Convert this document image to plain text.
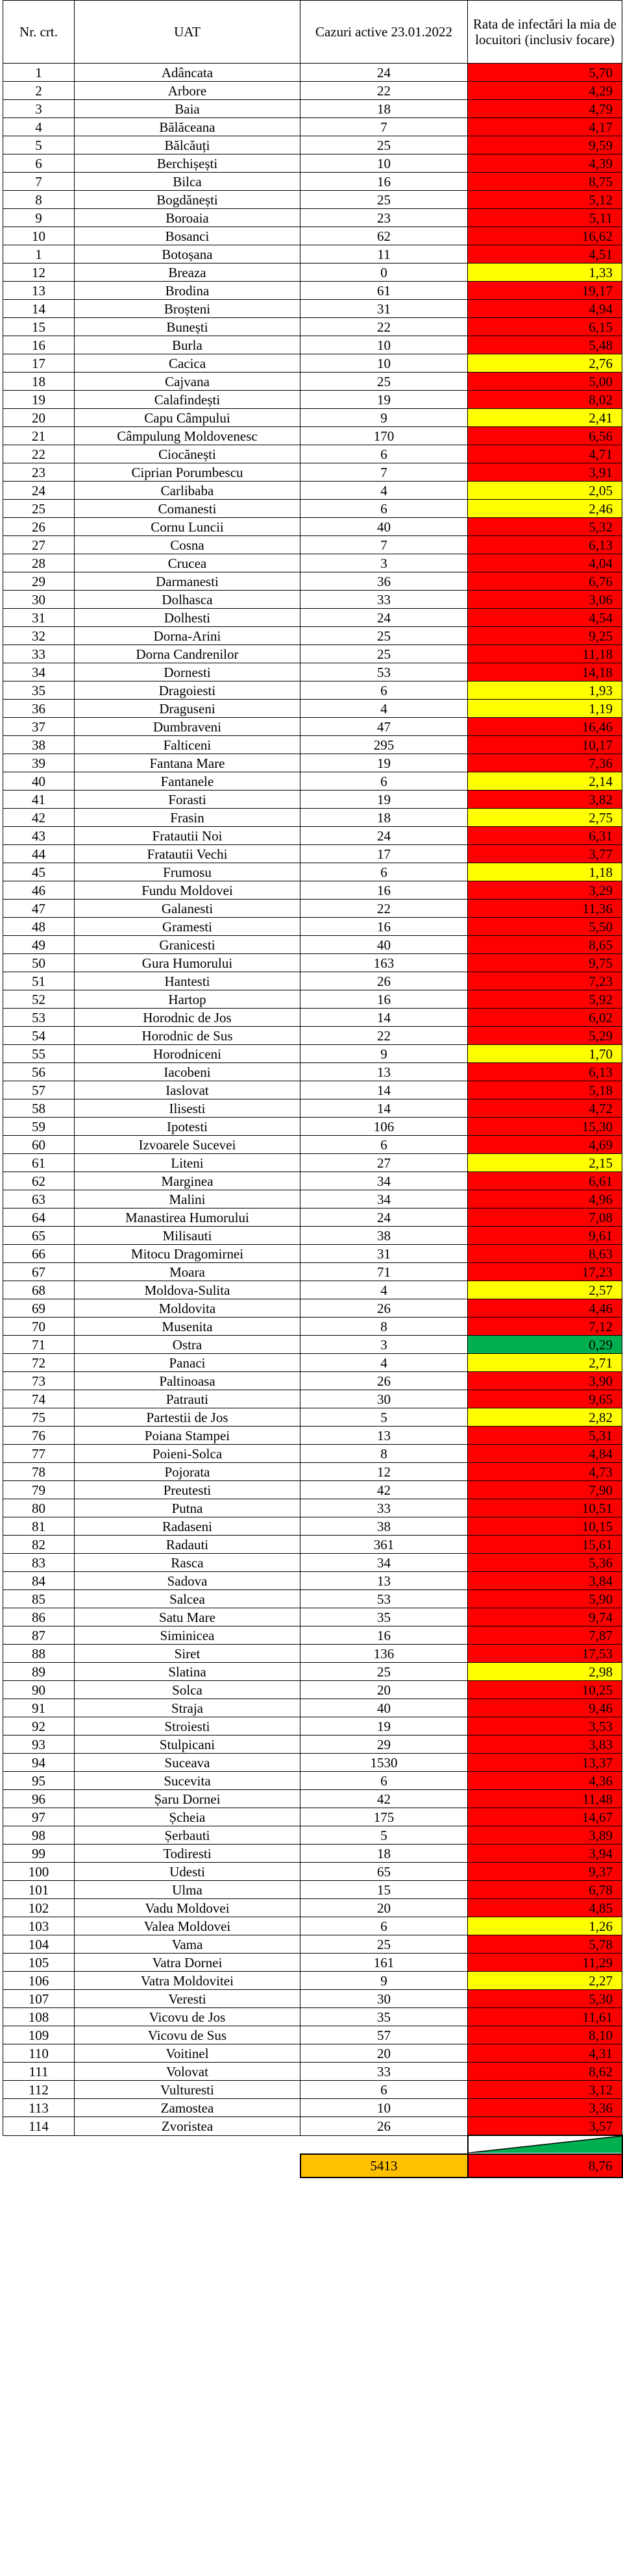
Nr. crt.	UAT	Cazuri active 23.01.2022	Rata de infectări la mia de locuitori (inclusiv focare)
1	Adâncata	24	5,70
2	Arbore	22	4,29
3	Baia	18	4,79
4	Bălăceana	7	4,17
5	Bălcăuți	25	9,59
6	Berchișești	10	4,39
7	Bilca	16	8,75
8	Bogdănești	25	5,12
9	Boroaia	23	5,11
10	Bosanci	62	16,62
1	Botoșana	11	4,51
12	Breaza	0	1,33
13	Brodina	61	19,17
14	Broșteni	31	4,94
15	Bunești	22	6,15
16	Burla	10	5,48
17	Cacica	10	2,76
18	Cajvana	25	5,00
19	Calafindești	19	8,02
20	Capu Câmpului	9	2,41
21	Câmpulung Moldovenesc	170	6,56
22	Ciocănești	6	4,71
23	Ciprian Porumbescu	7	3,91
24	Carlibaba	4	2,05
25	Comanesti	6	2,46
26	Cornu Luncii	40	5,32
27	Cosna	7	6,13
28	Crucea	3	4,04
29	Darmanesti	36	6,76
30	Dolhasca	33	3,06
31	Dolhesti	24	4,54
32	Dorna-Arini	25	9,25
33	Dorna Candrenilor	25	11,18
34	Dornesti	53	14,18
35	Dragoiesti	6	1,93
36	Draguseni	4	1,19
37	Dumbraveni	47	16,46
38	Falticeni	295	10,17
39	Fantana Mare	19	7,36
40	Fantanele	6	2,14
41	Forasti	19	3,82
42	Frasin	18	2,75
43	Fratautii Noi	24	6,31
44	Fratautii Vechi	17	3,77
45	Frumosu	6	1,18
46	Fundu Moldovei	16	3,29
47	Galanesti	22	11,36
48	Gramesti	16	5,50
49	Granicesti	40	8,65
50	Gura Humorului	163	9,75
51	Hantesti	26	7,23
52	Hartop	16	5,92
53	Horodnic de Jos	14	6,02
54	Horodnic de Sus	22	5,29
55	Horodniceni	9	1,70
56	Iacobeni	13	6,13
57	Iaslovat	14	5,18
58	Ilisesti	14	4,72
59	Ipotesti	106	15,30
60	Izvoarele Sucevei	6	4,69
61	Liteni	27	2,15
62	Marginea	34	6,61
63	Malini	34	4,96
64	Manastirea Humorului	24	7,08
65	Milisauti	38	9,61
66	Mitocu Dragomirnei	31	8,63
67	Moara	71	17,23
68	Moldova-Sulita	4	2,57
69	Moldovita	26	4,46
70	Musenita	8	7,12
71	Ostra	3	0,29
72	Panaci	4	2,71
73	Paltinoasa	26	3,90
74	Patrauti	30	9,65
75	Partestii de Jos	5	2,82
76	Poiana Stampei	13	5,31
77	Poieni-Solca	8	4,84
78	Pojorata	12	4,73
79	Preutesti	42	7,90
80	Putna	33	10,51
81	Radaseni	38	10,15
82	Radauti	361	15,61
83	Rasca	34	5,36
84	Sadova	13	3,84
85	Salcea	53	5,90
86	Satu Mare	35	9,74
87	Siminicea	16	7,87
88	Siret	136	17,53
89	Slatina	25	2,98
90	Solca	20	10,25
91	Straja	40	9,46
92	Stroiesti	19	3,53
93	Stulpicani	29	3,83
94	Suceava	1530	13,37
95	Sucevita	6	4,36
96	Șaru Dornei	42	11,48
97	Șcheia	175	14,67
98	Șerbauti	5	3,89
99	Todiresti	18	3,94
100	Udesti	65	9,37
101	Ulma	15	6,78
102	Vadu Moldovei	20	4,85
103	Valea Moldovei	6	1,26
104	Vama	25	5,78
105	Vatra Dornei	161	11,29
106	Vatra Moldovitei	9	2,27
107	Veresti	30	5,30
108	Vicovu de Jos	35	11,61
109	Vicovu de Sus	57	8,10
110	Voitinel	20	4,31
111	Volovat	33	8,62
112	Vulturesti	6	3,12
113	Zamostea	10	3,36
114	Zvoristea	26	3,57

		5413	8,76
